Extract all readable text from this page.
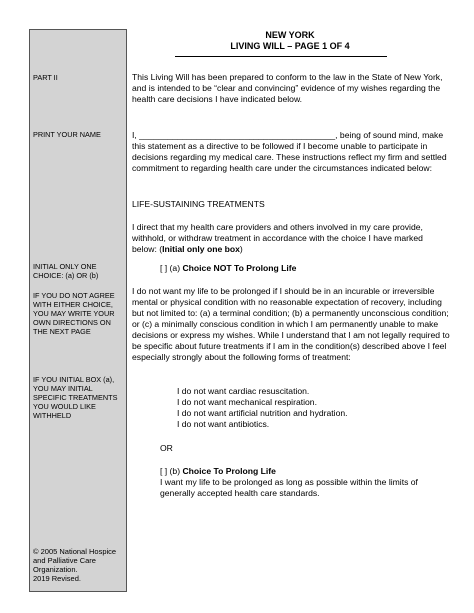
PART II
PRINT YOUR NAME
INITIAL ONLY ONE CHOICE: (a) OR (b)
IF YOU DO NOT AGREE WITH EITHER CHOICE, YOU MAY WRITE YOUR OWN DIRECTIONS ON THE NEXT PAGE
IF YOU INITIAL BOX (a), YOU MAY INITIAL SPECIFIC TREATMENTS YOU WOULD LIKE WITHHELD
© 2005 National Hospice
and Palliative Care
Organization.
2019 Revised.
NEW YORK
LIVING WILL – PAGE 1 OF 4
This Living Will has been prepared to conform to the law in the State of New York, and is intended to be “clear and convincing” evidence of my wishes regarding the health care decisions I have indicated below.
I, _________________________________________, being of sound mind, make this statement as a directive to be followed if I become unable to participate in decisions regarding my medical care. These instructions reflect my firm and settled commitment to regarding health care under the circumstances indicated below:
LIFE-SUSTAINING TREATMENTS
I direct that my health care providers and others involved in my care provide, withhold, or withdraw treatment in accordance with the choice I have marked below: (Initial only one box)
[ ] (a) Choice NOT To Prolong Life
I do not want my life to be prolonged if I should be in an incurable or irreversible mental or physical condition with no reasonable expectation of recovery, including but not limited to: (a) a terminal condition; (b) a permanently unconscious condition; or (c) a minimally conscious condition in which I am permanently unable to make decisions or express my wishes. While I understand that I am not legally required to be specific about future treatments if I am in the condition(s) described above I feel especially strongly about the following forms of treatment:
I do not want cardiac resuscitation.
I do not want mechanical respiration.
I do not want artificial nutrition and hydration.
I do not want antibiotics.
OR
[ ] (b) Choice To Prolong Life
I want my life to be prolonged as long as possible within the limits of generally accepted health care standards.
